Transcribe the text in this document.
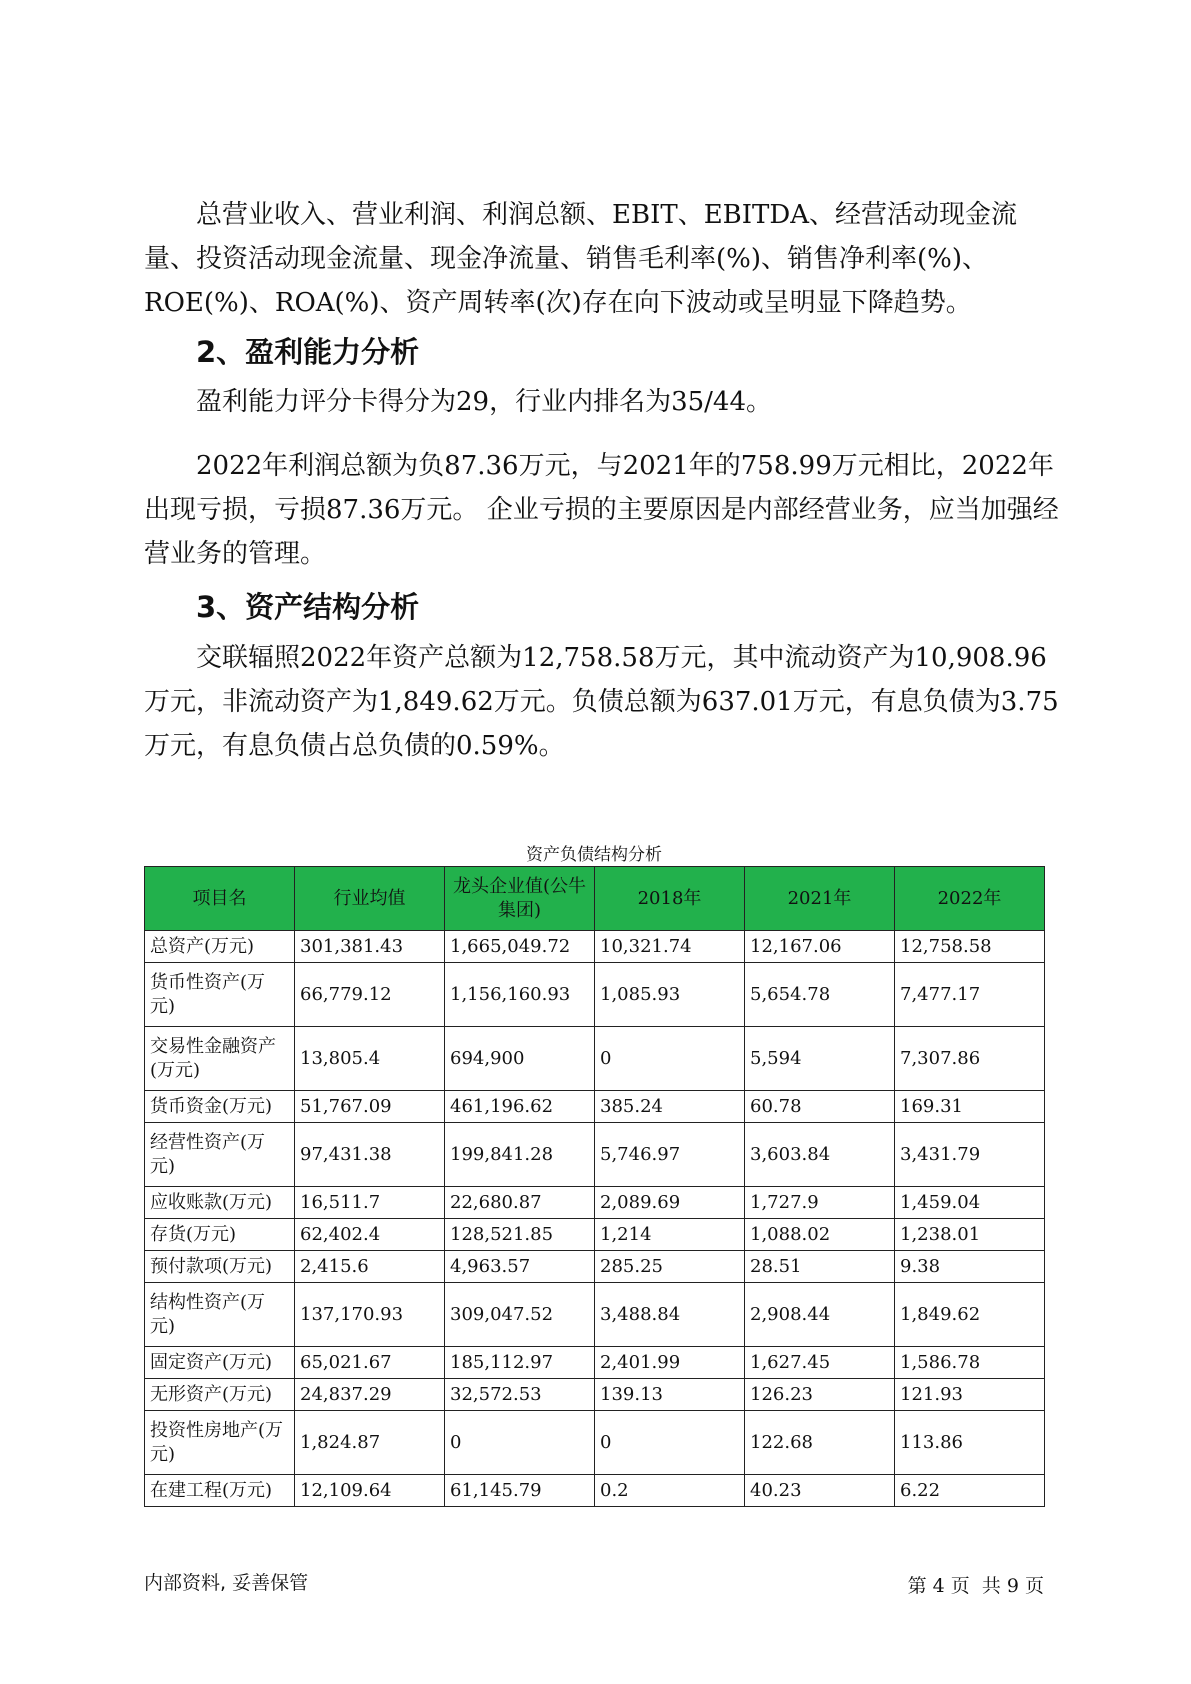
总营业收入、营业利润、利润总额、EBIT、EBITDA、经营活动现金流量、投资活动现金流量、现金净流量、销售毛利率(%)、销售净利率(%)、ROE(%)、ROA(%)、资产周转率(次)存在向下波动或呈明显下降趋势。

2、盈利能力分析

盈利能力评分卡得分为29，行业内排名为35/44。

2022年利润总额为负87.36万元，与2021年的758.99万元相比，2022年出现亏损，亏损87.36万元。 企业亏损的主要原因是内部经营业务，应当加强经营业务的管理。

3、资产结构分析

交联辐照2022年资产总额为12,758.58万元，其中流动资产为10,908.96万元，非流动资产为1,849.62万元。负债总额为637.01万元，有息负债为3.75万元，有息负债占总负债的0.59%。

资产负债结构分析
项目名	行业均值	龙头企业值(公牛集团)	2018年	2021年	2022年
总资产(万元)	301,381.43	1,665,049.72	10,321.74	12,167.06	12,758.58
货币性资产(万元)	66,779.12	1,156,160.93	1,085.93	5,654.78	7,477.17
交易性金融资产(万元)	13,805.4	694,900	0	5,594	7,307.86
货币资金(万元)	51,767.09	461,196.62	385.24	60.78	169.31
经营性资产(万元)	97,431.38	199,841.28	5,746.97	3,603.84	3,431.79
应收账款(万元)	16,511.7	22,680.87	2,089.69	1,727.9	1,459.04
存货(万元)	62,402.4	128,521.85	1,214	1,088.02	1,238.01
预付款项(万元)	2,415.6	4,963.57	285.25	28.51	9.38
结构性资产(万元)	137,170.93	309,047.52	3,488.84	2,908.44	1,849.62
固定资产(万元)	65,021.67	185,112.97	2,401.99	1,627.45	1,586.78
无形资产(万元)	24,837.29	32,572.53	139.13	126.23	121.93
投资性房地产(万元)	1,824.87	0	0	122.68	113.86
在建工程(万元)	12,109.64	61,145.79	0.2	40.23	6.22
内部资料, 妥善保管	第 4 页  共 9 页
